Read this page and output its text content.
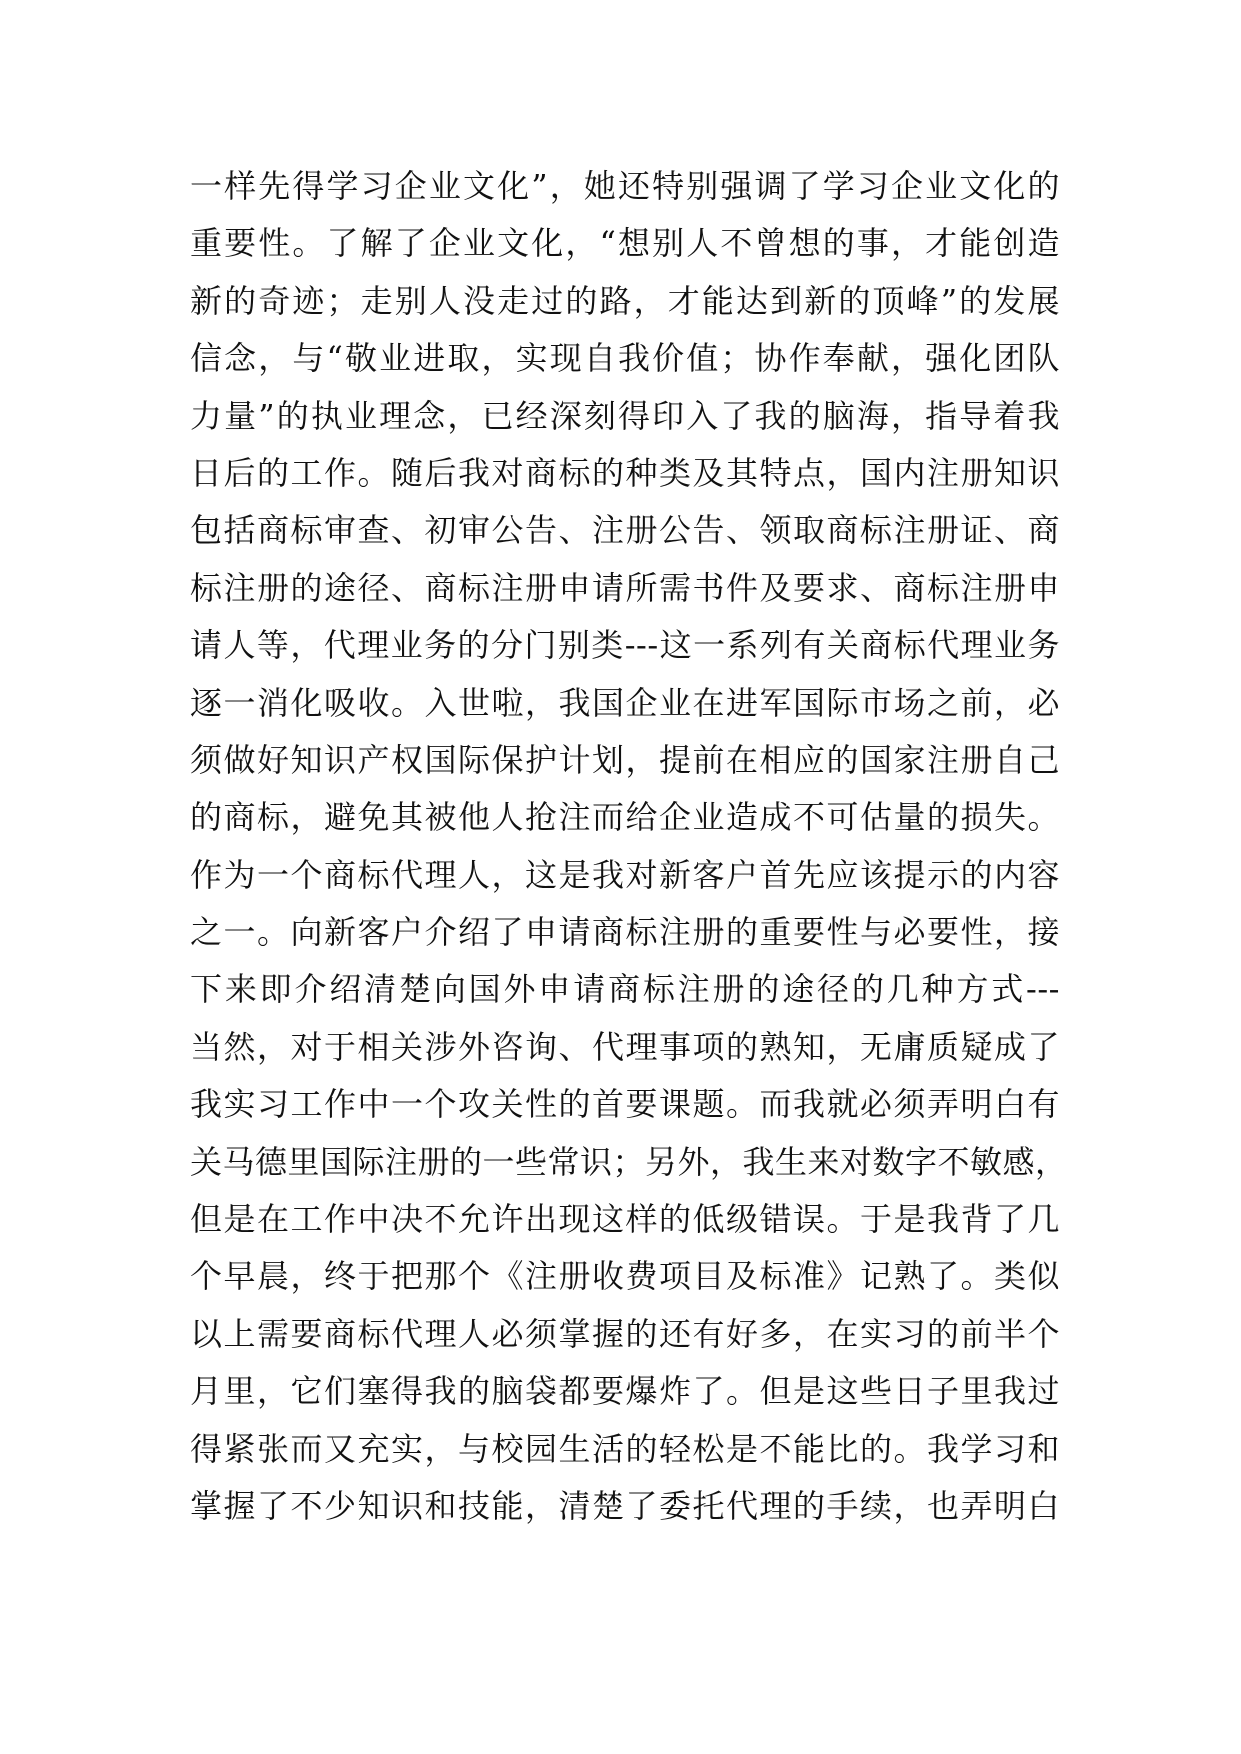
一样先得学习企业文化”，她还特别强调了学习企业文化的
重要性。了解了企业文化，“想别人不曾想的事，才能创造
新的奇迹；走别人没走过的路，才能达到新的顶峰”的发展
信念，与“敬业进取，实现自我价值；协作奉献，强化团队
力量”的执业理念，已经深刻得印入了我的脑海，指导着我
日后的工作。随后我对商标的种类及其特点，国内注册知识
包括商标审查、初审公告、注册公告、领取商标注册证、商
标注册的途径、商标注册申请所需书件及要求、商标注册申
请人等，代理业务的分门别类---这一系列有关商标代理业务
逐一消化吸收。入世啦，我国企业在进军国际市场之前，必
须做好知识产权国际保护计划，提前在相应的国家注册自己
的商标，避免其被他人抢注而给企业造成不可估量的损失。
作为一个商标代理人，这是我对新客户首先应该提示的内容
之一。向新客户介绍了申请商标注册的重要性与必要性，接
下来即介绍清楚向国外申请商标注册的途径的几种方式---
当然，对于相关涉外咨询、代理事项的熟知，无庸质疑成了
我实习工作中一个攻关性的首要课题。而我就必须弄明白有
关马德里国际注册的一些常识；另外，我生来对数字不敏感，
但是在工作中决不允许出现这样的低级错误。于是我背了几
个早晨，终于把那个《注册收费项目及标准》记熟了。类似
以上需要商标代理人必须掌握的还有好多，在实习的前半个
月里，它们塞得我的脑袋都要爆炸了。但是这些日子里我过
得紧张而又充实，与校园生活的轻松是不能比的。我学习和
掌握了不少知识和技能，清楚了委托代理的手续，也弄明白
